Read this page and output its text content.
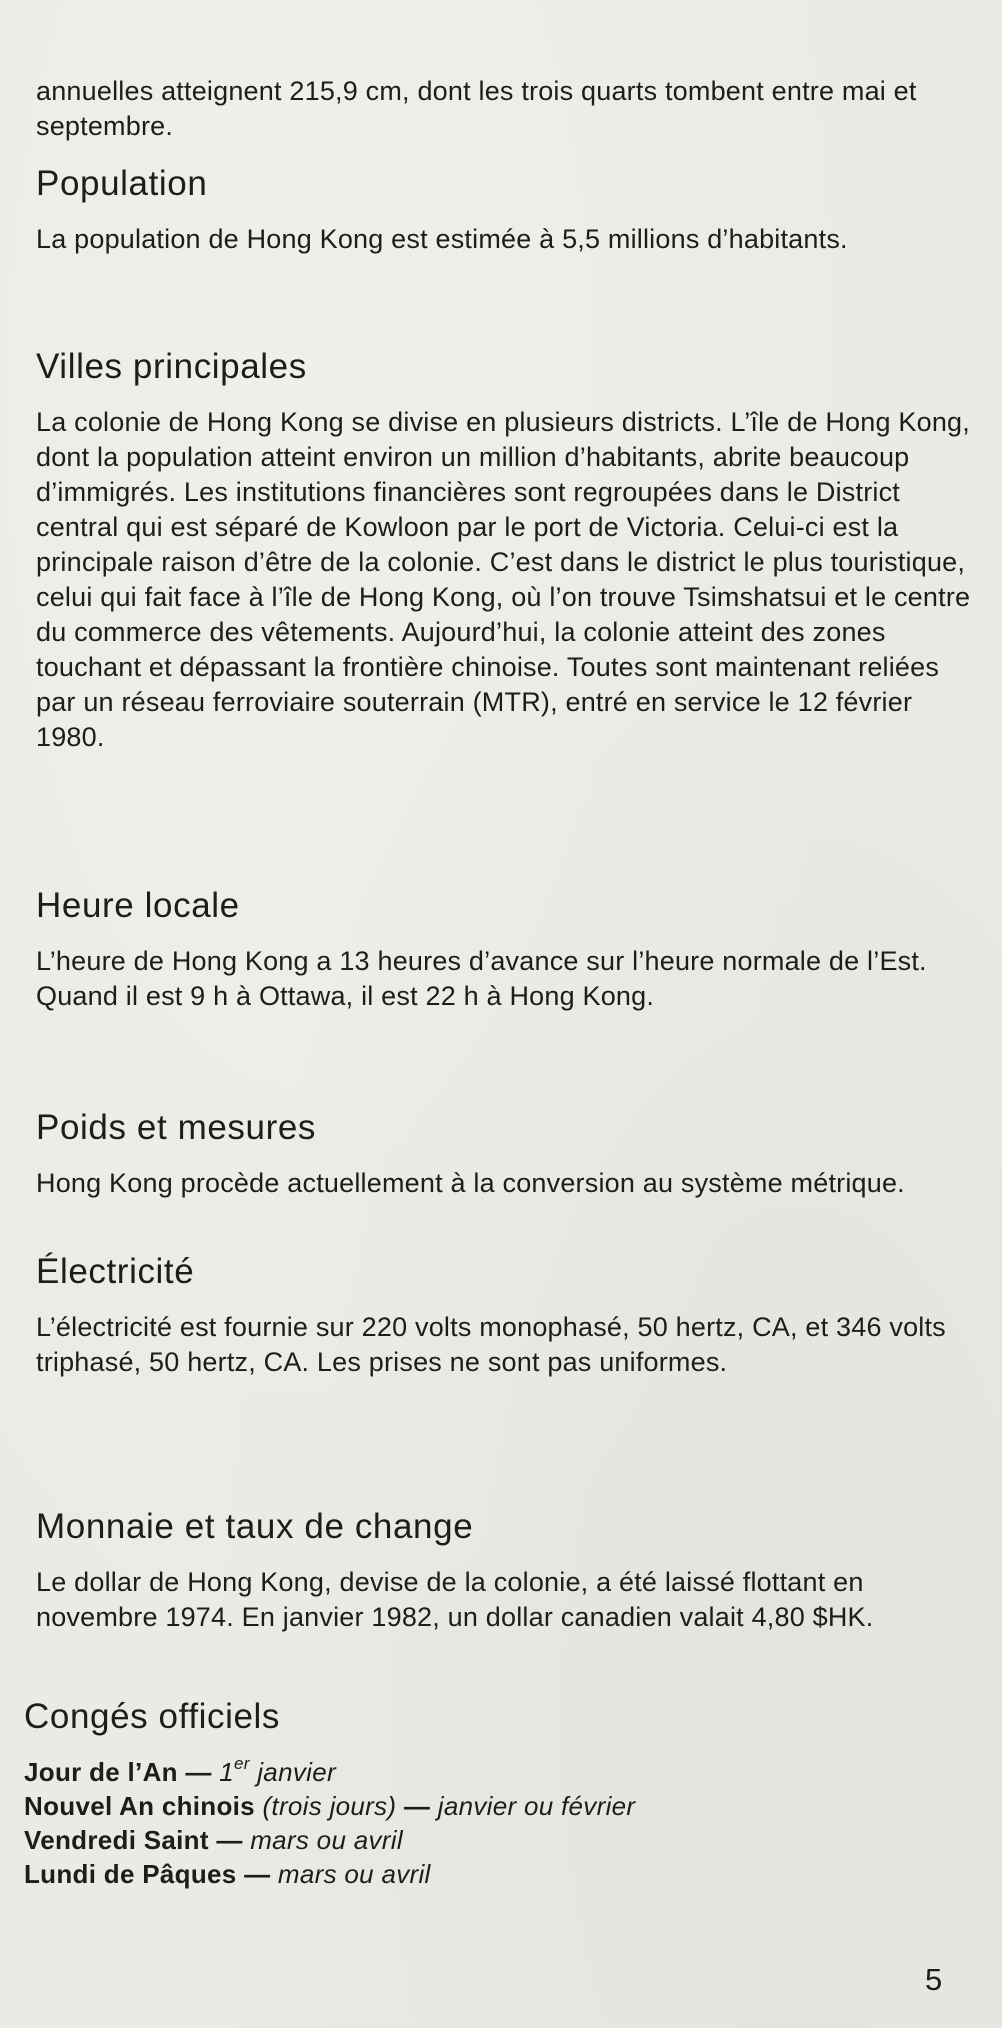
annuelles atteignent 215,9 cm, dont les trois quarts tombent entre mai et septembre.

Population

La population de Hong Kong est estimée à 5,5 millions d’habitants.

Villes principales

La colonie de Hong Kong se divise en plusieurs districts. L’île de Hong Kong, dont la population atteint environ un million d’habitants, abrite beaucoup d’immigrés. Les institutions financières sont regroupées dans le District central qui est séparé de Kowloon par le port de Victoria. Celui-ci est la principale raison d’être de la colonie. C’est dans le district le plus touristique, celui qui fait face à l’île de Hong Kong, où l’on trouve Tsimshatsui et le centre du commerce des vêtements. Aujourd’hui, la colonie atteint des zones touchant et dépassant la frontière chinoise. Toutes sont maintenant reliées par un réseau ferroviaire souterrain (MTR), entré en service le 12 février 1980.

Heure locale

L’heure de Hong Kong a 13 heures d’avance sur l’heure normale de l’Est. Quand il est 9 h à Ottawa, il est 22 h à Hong Kong.

Poids et mesures

Hong Kong procède actuellement à la conversion au système métrique.

Électricité

L’électricité est fournie sur 220 volts monophasé, 50 hertz, CA, et 346 volts triphasé, 50 hertz, CA. Les prises ne sont pas uniformes.

Monnaie et taux de change

Le dollar de Hong Kong, devise de la colonie, a été laissé flottant en novembre 1974. En janvier 1982, un dollar canadien valait 4,80 $HK.

Congés officiels
Jour de l’An — 1er janvier
Nouvel An chinois (trois jours) — janvier ou février
Vendredi Saint — mars ou avril
Lundi de Pâques — mars ou avril
5
